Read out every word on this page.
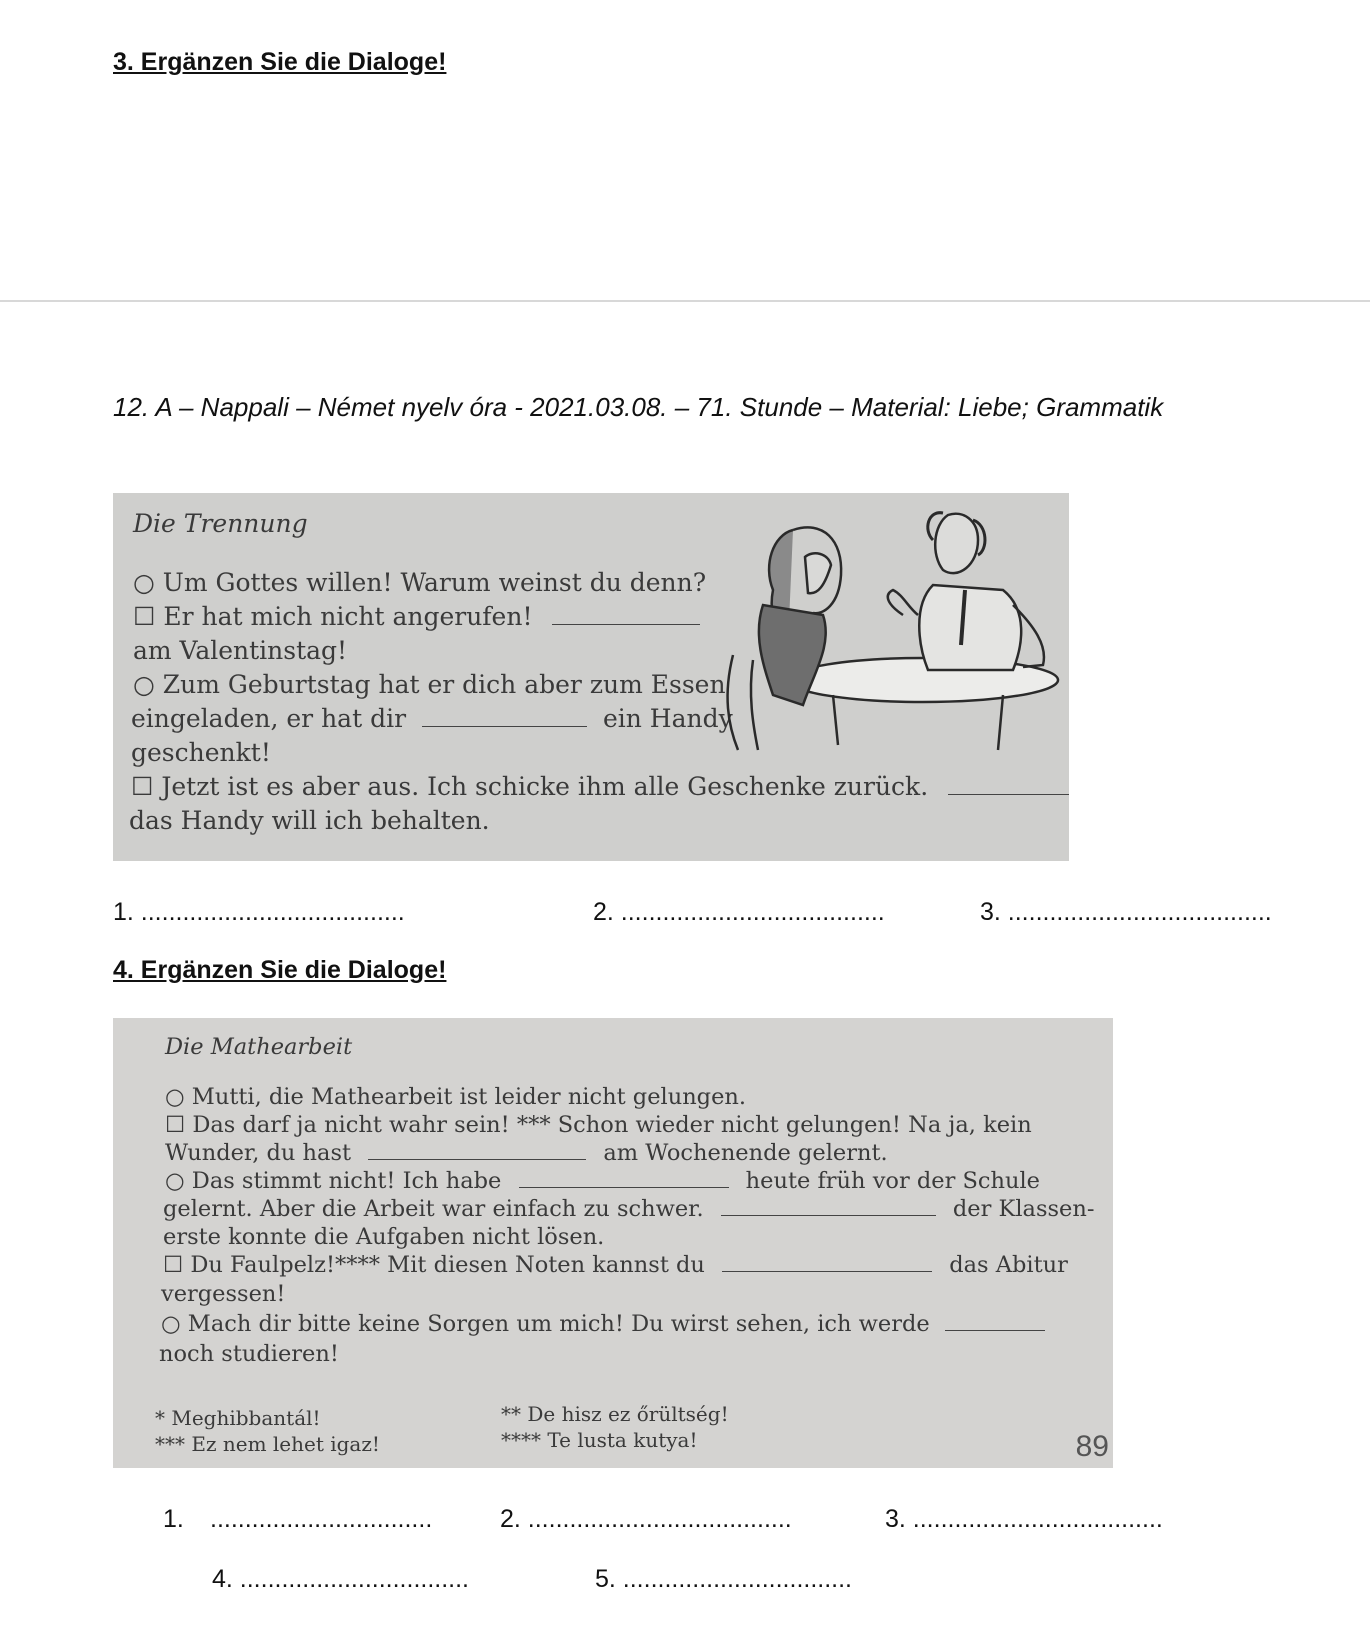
3. Ergänzen Sie die Dialoge!
12. A – Nappali – Német nyelv óra - 2021.03.08. – 71. Stunde – Material: Liebe; Grammatik
Die Trennung
○ Um Gottes willen! Warum weinst du denn?
☐ Er hat mich nicht angerufen!
am Valentinstag!
○ Zum Geburtstag hat er dich aber zum Essen
eingeladen, er hat dir	ein Handy
geschenkt!
☐ Jetzt ist es aber aus. Ich schicke ihm alle Geschenke zurück.
das Handy will ich behalten.
1. ......................................	2. ......................................	3. ......................................
4. Ergänzen Sie die Dialoge!
Die Mathearbeit
○ Mutti, die Mathearbeit ist leider nicht gelungen.
☐ Das darf ja nicht wahr sein! *** Schon wieder nicht gelungen! Na ja, kein
Wunder, du hast	am Wochenende gelernt.
○ Das stimmt nicht! Ich habe	heute früh vor der Schule
gelernt. Aber die Arbeit war einfach zu schwer.	der Klassen-
erste konnte die Aufgaben nicht lösen.
☐ Du Faulpelz!**** Mit diesen Noten kannst du	das Abitur
vergessen!
○ Mach dir bitte keine Sorgen um mich! Du wirst sehen, ich werde
noch studieren!
* Meghibbantál!	** De hisz ez őrültség!
*** Ez nem lehet igaz!	**** Te lusta kutya!	89
1. ................................	2. ......................................	3. ....................................
4. .................................	5. .................................
